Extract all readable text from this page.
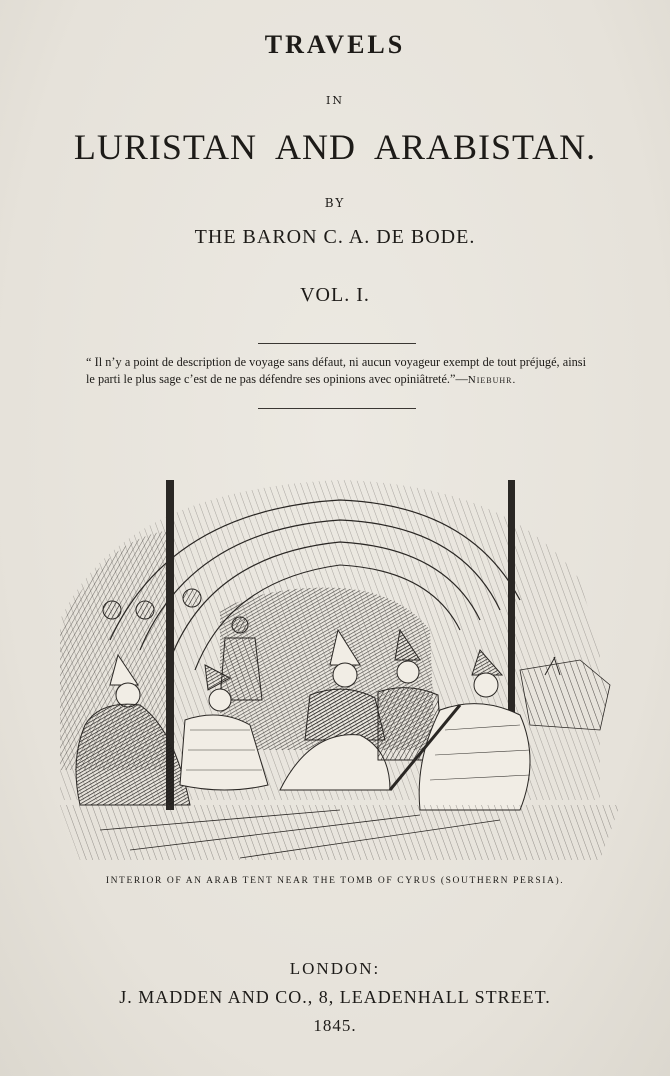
TRAVELS
IN
LURISTAN  AND  ARABISTAN.
BY
THE BARON C. A. DE BODE.
VOL. I.
“ Il n’y a point de description de voyage sans défaut, ni aucun voyageur exempt de tout préjugé, ainsi le parti le plus sage c’est de ne pas défendre ses opinions avec opiniâtreté.”—Niebuhr.
INTERIOR OF AN ARAB TENT NEAR THE TOMB OF CYRUS (SOUTHERN PERSIA).
LONDON:
J. MADDEN AND CO., 8, LEADENHALL STREET.
1845.
